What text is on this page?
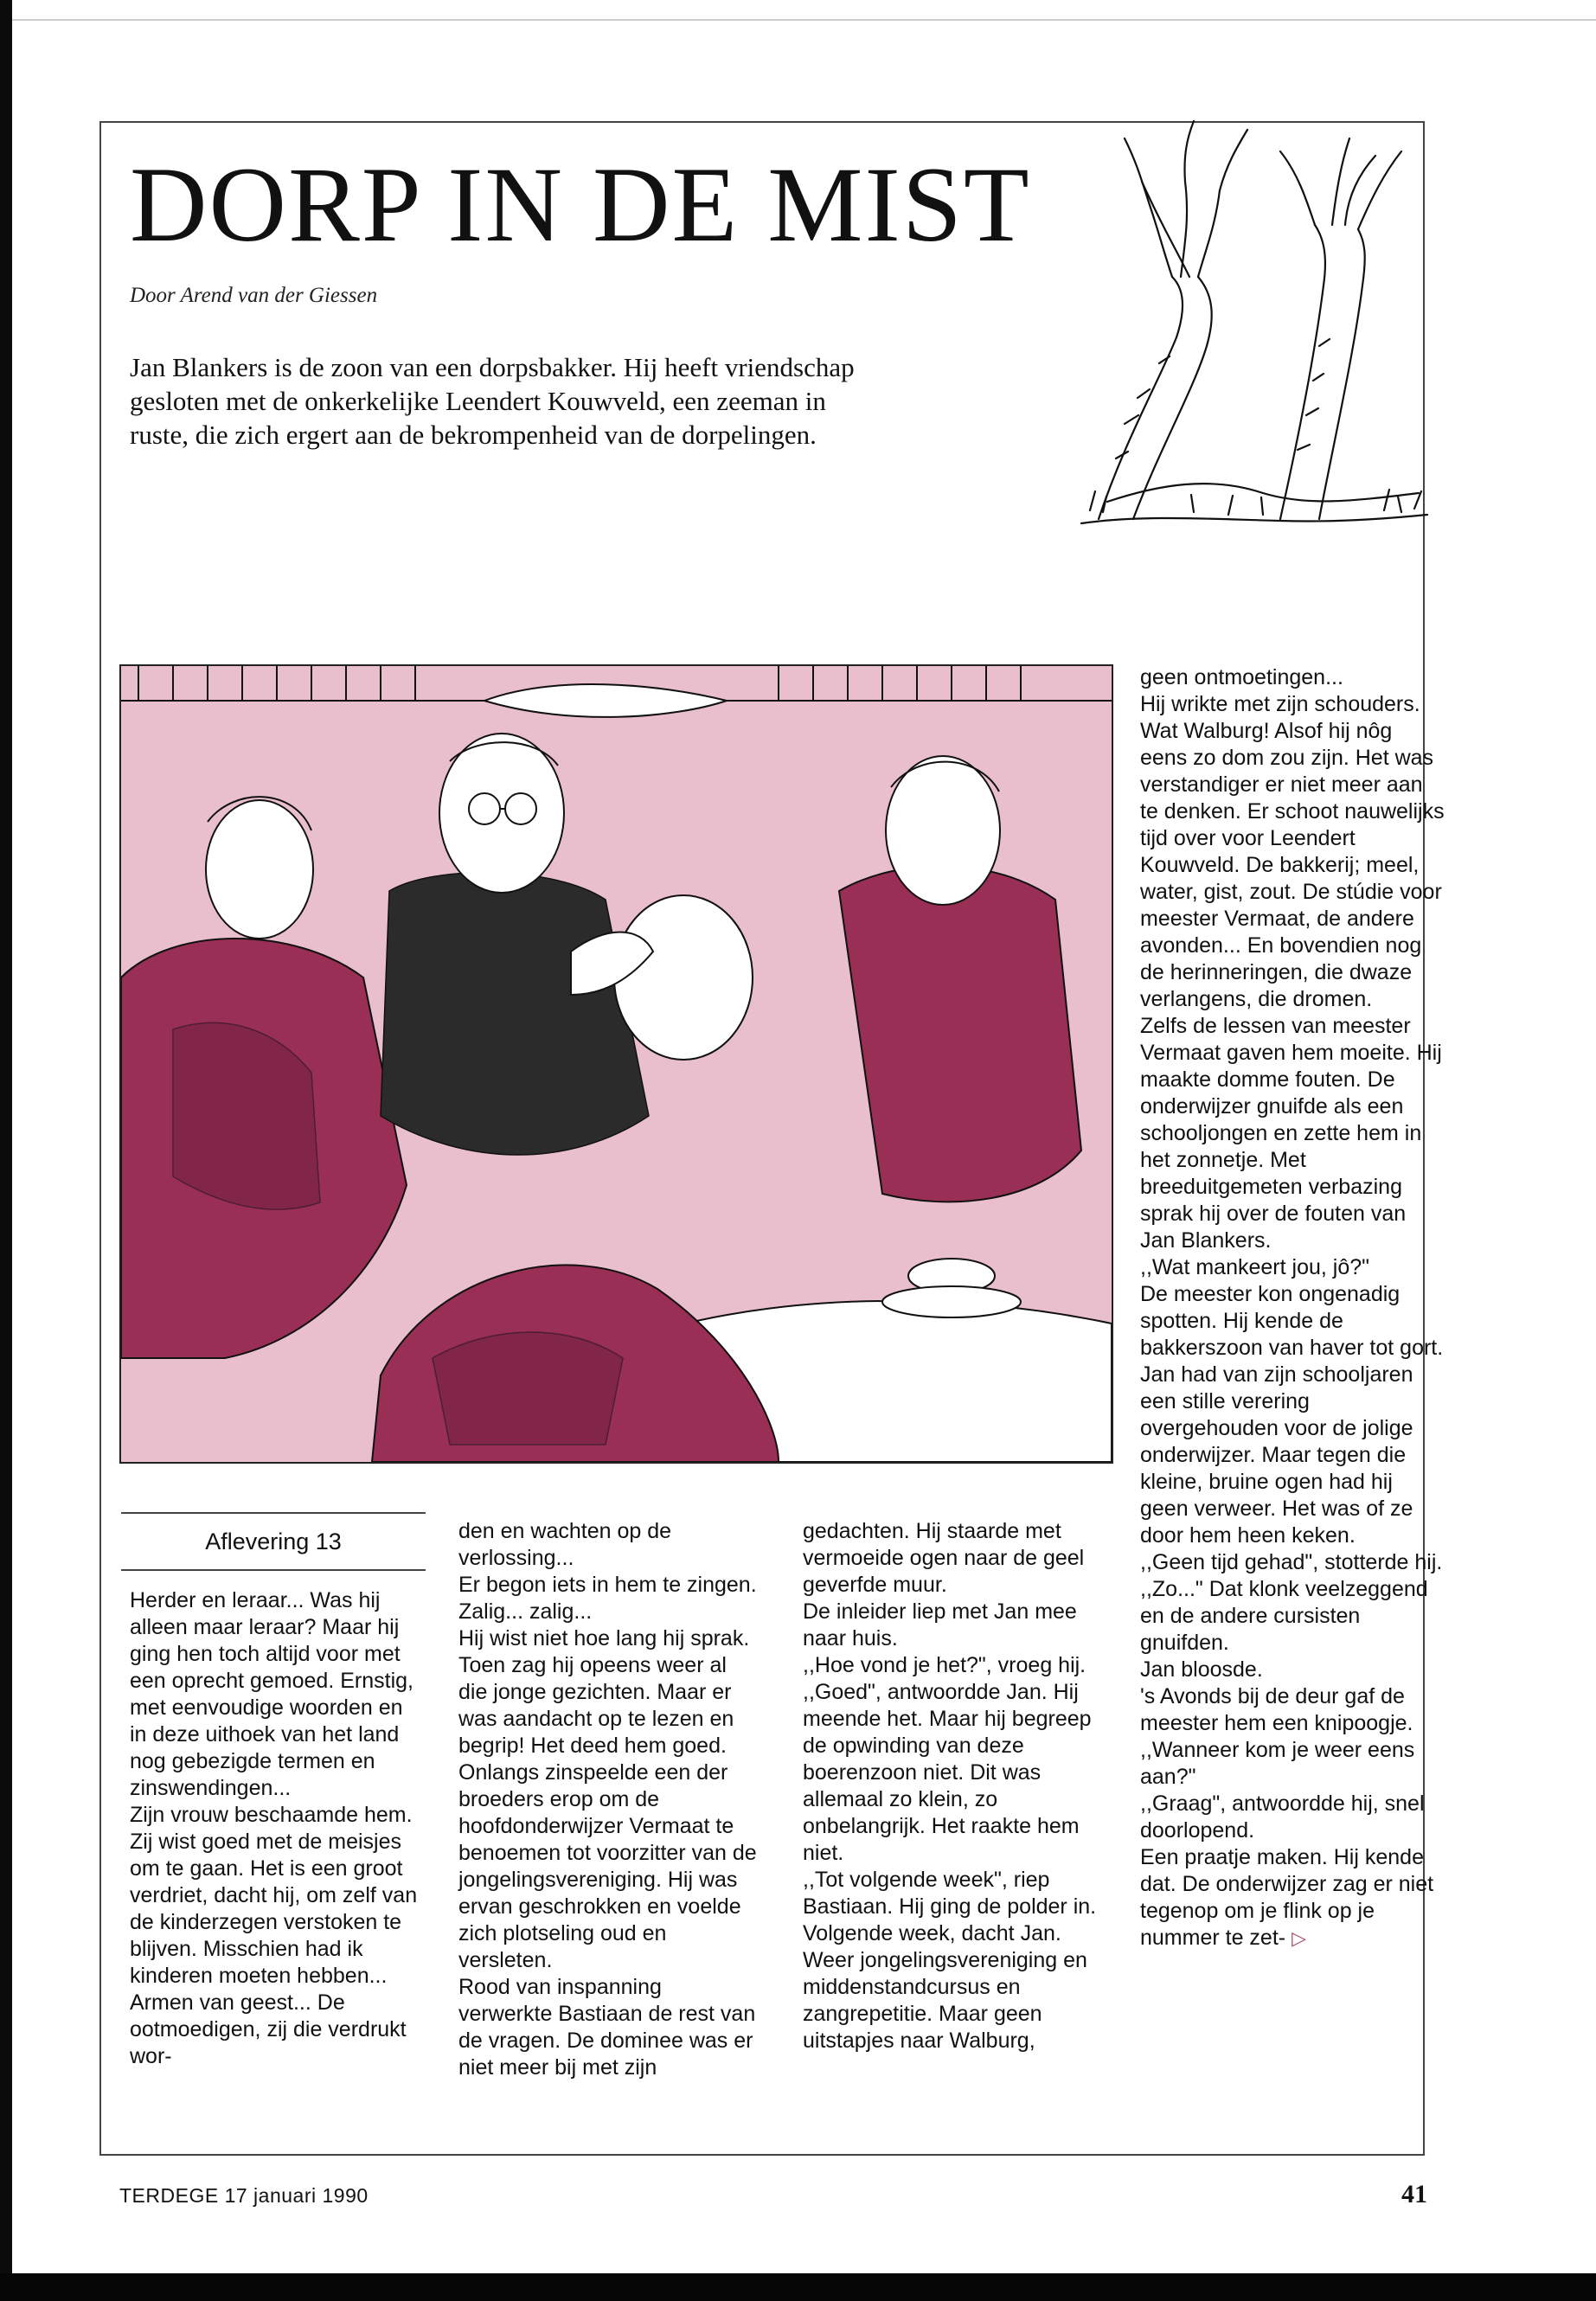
DORP IN DE MIST

Door Arend van der Giessen

Jan Blankers is de zoon van een dorpsbakker. Hij heeft vriendschap gesloten met de onkerkelijke Leendert Kouwveld, een zeeman in ruste, die zich ergert aan de bekrompenheid van de dorpelingen.

Aflevering 13

Herder en leraar... Was hij alleen maar leraar? Maar hij ging hen toch altijd voor met een oprecht gemoed. Ernstig, met eenvoudige woorden en in deze uithoek van het land nog gebezigde termen en zinswendingen...

Zijn vrouw beschaamde hem. Zij wist goed met de meisjes om te gaan. Het is een groot verdriet, dacht hij, om zelf van de kinderzegen verstoken te blijven. Misschien had ik kinderen moeten hebben... Armen van geest... De ootmoedigen, zij die verdrukt wor-

den en wachten op de verlossing...

Er begon iets in hem te zingen. Zalig... zalig...

Hij wist niet hoe lang hij sprak. Toen zag hij opeens weer al die jonge gezichten. Maar er was aandacht op te lezen en begrip! Het deed hem goed. Onlangs zinspeelde een der broeders erop om de hoofdonderwijzer Vermaat te benoemen tot voorzitter van de jongelingsvereniging. Hij was ervan geschrokken en voelde zich plotseling oud en versleten.

Rood van inspanning verwerkte Bastiaan de rest van de vragen. De dominee was er niet meer bij met zijn

gedachten. Hij staarde met vermoeide ogen naar de geel geverfde muur.

De inleider liep met Jan mee naar huis.

,,Hoe vond je het?", vroeg hij.

,,Goed", antwoordde Jan. Hij meende het. Maar hij begreep de opwinding van deze boerenzoon niet. Dit was allemaal zo klein, zo onbelangrijk. Het raakte hem niet.

,,Tot volgende week", riep Bastiaan. Hij ging de polder in.

Volgende week, dacht Jan. Weer jongelingsvereniging en middenstandcursus en zangrepetitie. Maar geen uitstapjes naar Walburg,

geen ontmoetingen...

Hij wrikte met zijn schouders. Wat Walburg! Alsof hij nôg eens zo dom zou zijn. Het was verstandiger er niet meer aan te denken. Er schoot nauwelijks tijd over voor Leendert Kouwveld. De bakkerij; meel, water, gist, zout. De stúdie voor meester Vermaat, de andere avonden... En bovendien nog de herinneringen, die dwaze verlangens, die dromen.

Zelfs de lessen van meester Vermaat gaven hem moeite. Hij maakte domme fouten. De onderwijzer gnuifde als een schooljongen en zette hem in het zonnetje. Met breeduitgemeten verbazing sprak hij over de fouten van Jan Blankers.

,,Wat mankeert jou, jô?"

De meester kon ongenadig spotten. Hij kende de bakkerszoon van haver tot gort. Jan had van zijn schooljaren een stille verering overgehouden voor de jolige onderwijzer. Maar tegen die kleine, bruine ogen had hij geen verweer. Het was of ze door hem heen keken.

,,Geen tijd gehad", stotterde hij.

,,Zo..." Dat klonk veelzeggend en de andere cursisten gnuifden.

Jan bloosde.

's Avonds bij de deur gaf de meester hem een knipoogje. ,,Wanneer kom je weer eens aan?"

,,Graag", antwoordde hij, snel doorlopend.

Een praatje maken. Hij kende dat. De onderwijzer zag er niet tegenop om je flink op je nummer te zet- ▷

TERDEGE 17 januari 1990	41
